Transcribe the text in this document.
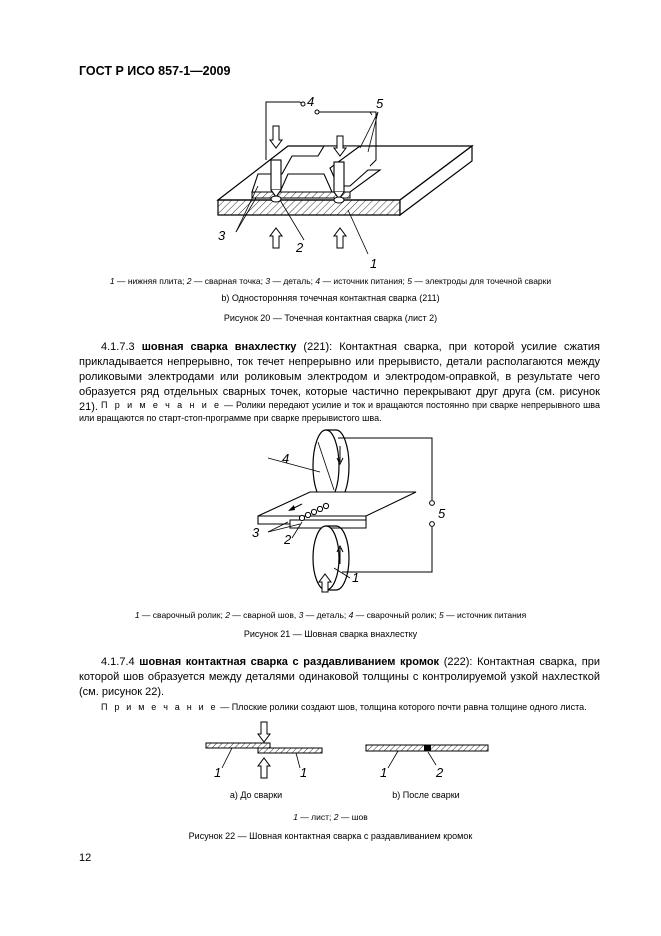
ГОСТ Р ИСО 857-1—2009
1
2
3
4	5
1 — нижняя плита; 2 — сварная точка; 3 — деталь; 4 — источник питания; 5 — электроды для точечной сварки
b) Односторонняя точечная контактная сварка (211)
Рисунок 20 — Точечная контактная сварка (лист 2)
4.1.7.3 шовная сварка внахлестку (221): Контактная сварка, при которой усилие сжатия прикладывается непрерывно, ток течет непрерывно или прерывисто, детали располагаются между роликовыми электродами или роликовым электродом и электродом-оправкой, в результате чего образуется ряд отдельных сварных точек, которые частично перекрывают друг друга (см. рисунок 21). П р и м е ч а н и е — Ролики передают усилие и ток и вращаются постоянно при сварке непрерывного шва или вращаются по старт-стоп-программе при сварке прерывистого шва.
1
2
3
4
5
1 — сварочный ролик; 2 — сварной шов, 3 — деталь; 4 — сварочный ролик; 5 — источник питания
Рисунок 21 — Шовная сварка внахлестку
4.1.7.4 шовная контактная сварка с раздавливанием кромок (222): Контактная сварка, при которой шов образуется между деталями одинаковой толщины с контролируемой узкой нахлесткой (см. рисунок 22).
П р и м е ч а н и е — Плоские ролики создают шов, толщина которого почти равна толщине одного листа.
1	1	1	2
a) До сварки	b) После сварки
1 — лист; 2 — шов
Рисунок 22 — Шовная контактная сварка с раздавливанием кромок
12
